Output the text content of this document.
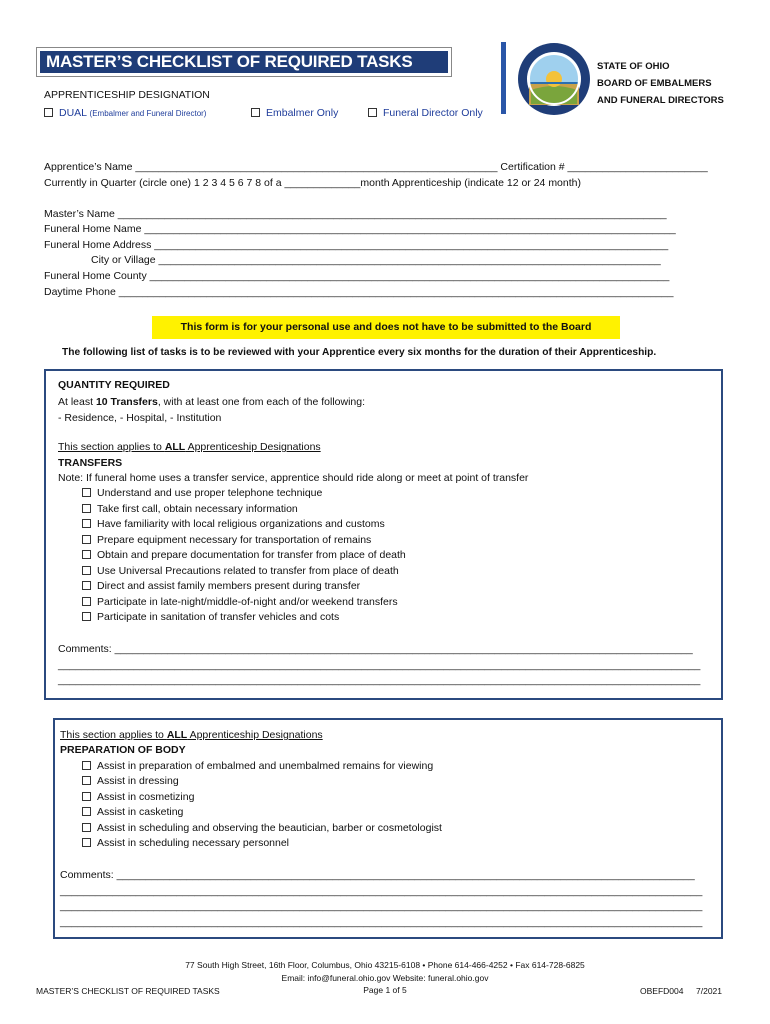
MASTER’S CHECKLIST OF REQUIRED TASKS	STATE OF OHIO
BOARD OF EMBALMERS
AND FUNERAL DIRECTORS
APPRENTICESHIP DESIGNATION
DUAL (Embalmer and Funeral Director)	Embalmer Only	Funeral Director Only
Apprentice’s Name ______________________________________________________________ Certification # ________________________
Currently in Quarter (circle one) 1 2 3 4 5 6 7 8 of a _____________month Apprenticeship (indicate 12 or 24 month)
Master’s Name ______________________________________________________________________________________________
Funeral Home Name ___________________________________________________________________________________________
Funeral Home Address ________________________________________________________________________________________
City or Village ______________________________________________________________________________________
Funeral Home County _________________________________________________________________________________________
Daytime Phone _______________________________________________________________________________________________
This form is for your personal use and does not have to be submitted to the Board
The following list of tasks is to be reviewed with your Apprentice every six months for the duration of their Apprenticeship.
QUANTITY REQUIRED
At least 10 Transfers, with at least one from each of the following:
- Residence, - Hospital, - Institution
This section applies to ALL Apprenticeship Designations
TRANSFERS
Note: If funeral home uses a transfer service, apprentice should ride along or meet at point of transfer
Understand and use proper telephone technique
Take first call, obtain necessary information
Have familiarity with local religious organizations and customs
Prepare equipment necessary for transportation of remains
Obtain and prepare documentation for transfer from place of death
Use Universal Precautions related to transfer from place of death
Direct and assist family members present during transfer
Participate in late-night/middle-of-night and/or weekend transfers
Participate in sanitation of transfer vehicles and cots
Comments: ___________________________________________________________________________________________________
______________________________________________________________________________________________________________
______________________________________________________________________________________________________________
This section applies to ALL Apprenticeship Designations
PREPARATION OF BODY
Assist in preparation of embalmed and unembalmed remains for viewing
Assist in dressing
Assist in cosmetizing
Assist in casketing
Assist in scheduling and observing the beautician, barber or cosmetologist
Assist in scheduling necessary personnel
Comments: ___________________________________________________________________________________________________
______________________________________________________________________________________________________________
______________________________________________________________________________________________________________
______________________________________________________________________________________________________________
77 South High Street, 16th Floor, Columbus, Ohio 43215-6108 • Phone 614-466-4252 • Fax 614-728-6825
Email: info@funeral.ohio.gov Website: funeral.ohio.gov
MASTER’S CHECKLIST OF REQUIRED TASKS	Page 1 of 5	OBEFD004 7/2021
